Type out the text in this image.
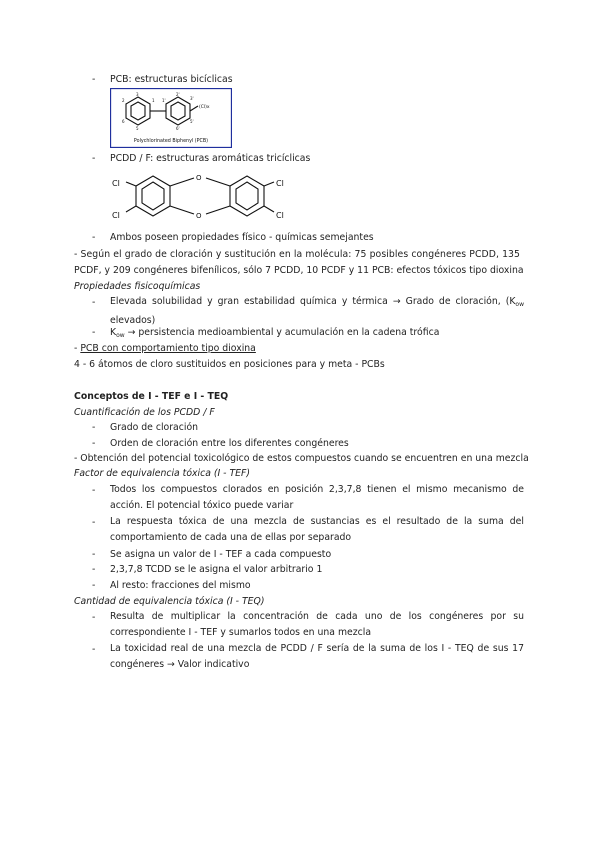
- PCB: estructuras bicíclicas
2
3
6
5
1 1'
2'
6'
5'
3'
(Cl)x
Polychlorinated Biphenyl (PCB)
- PCDD / F: estructuras aromáticas tricíclicas
Cl
Cl
Cl
Cl
O
O
- Ambos poseen propiedades físico - químicas semejantes
- Según el grado de cloración y sustitución en la molécula: 75 posibles congéneres PCDD, 135
PCDF, y 209 congéneres bifenílicos, sólo 7 PCDD, 10 PCDF y 11 PCB: efectos tóxicos tipo dioxina
Propiedades fisicoquímicas
- Elevada solubilidad y gran estabilidad química y térmica → Grado de cloración, ($K_{ow}$ elevados)
- $K_{ow}$ → persistencia medioambiental y acumulación en la cadena trófica
- PCB con comportamiento tipo dioxina
4 - 6 átomos de cloro sustituidos en posiciones para y meta - PCBs
Conceptos de I - TEF e I - TEQ
Cuantificación de los PCDD / F
- Grado de cloración
- Orden de cloración entre los diferentes congéneres
- Obtención del potencial toxicológico de estos compuestos cuando se encuentren en una mezcla
Factor de equivalencia tóxica (I - TEF)
- Todos los compuestos clorados en posición 2,3,7,8 tienen el mismo mecanismo de acción. El potencial tóxico puede variar
- La respuesta tóxica de una mezcla de sustancias es el resultado de la suma del comportamiento de cada una de ellas por separado
- Se asigna un valor de I - TEF a cada compuesto
- 2,3,7,8 TCDD se le asigna el valor arbitrario 1
- Al resto: fracciones del mismo
Cantidad de equivalencia tóxica (I - TEQ)
- Resulta de multiplicar la concentración de cada uno de los congéneres por su correspondiente I - TEF y sumarlos todos en una mezcla
- La toxicidad real de una mezcla de PCDD / F sería de la suma de los I - TEQ de sus 17 congéneres → Valor indicativo
